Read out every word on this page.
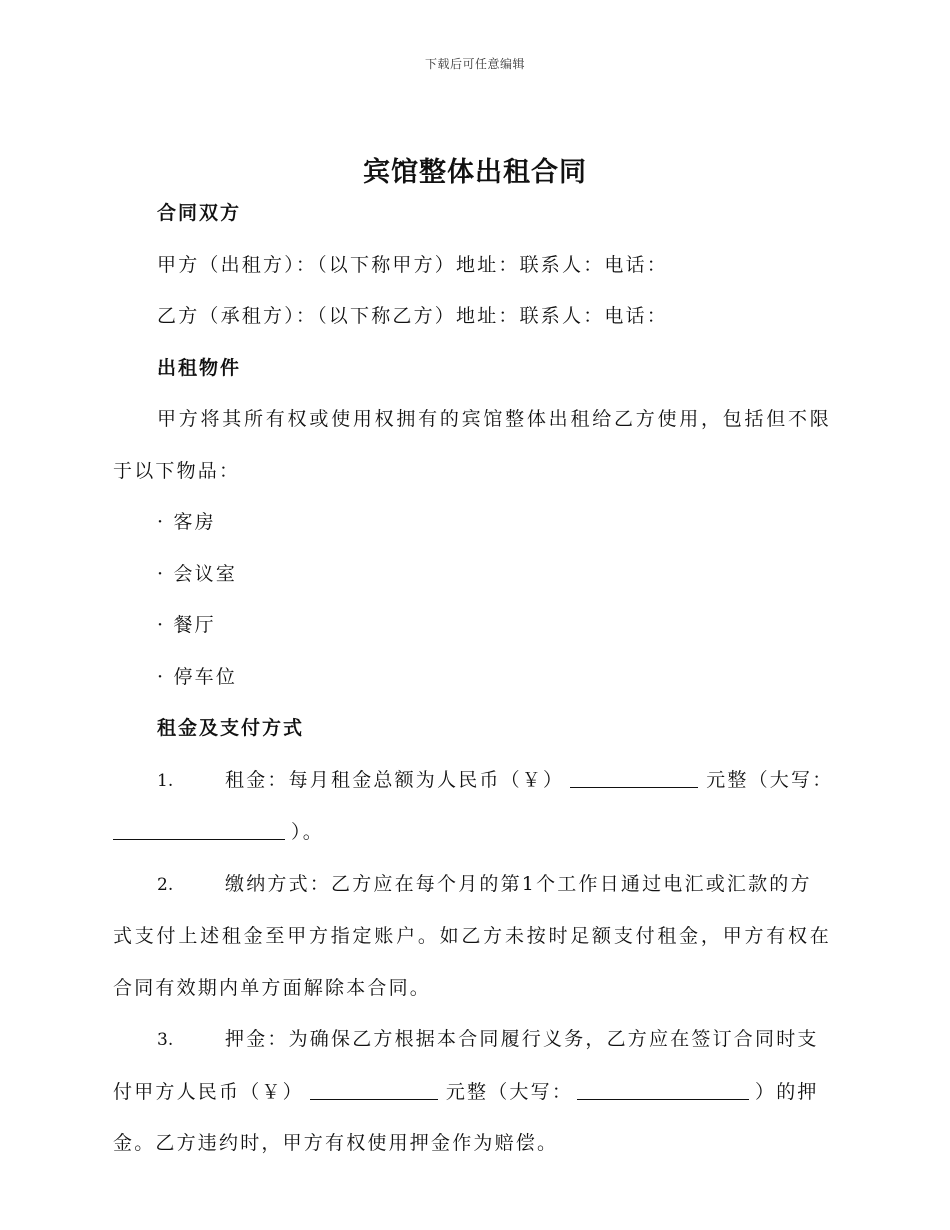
下载后可任意编辑
宾馆整体出租合同
合同双方
甲方（出租方）：（以下称甲方）地址：联系人：电话：
乙方（承租方）：（以下称乙方）地址：联系人：电话：
出租物件
甲方将其所有权或使用权拥有的宾馆整体出租给乙方使用，包括但不限
于以下物品：
· 客房
· 会议室
· 餐厅
· 停车位
租金及支付方式
1.	租金：每月租金总额为人民币（￥）	元整（大写：
）。
2.	缴纳方式：乙方应在每个月的第1个工作日通过电汇或汇款的方
式支付上述租金至甲方指定账户。如乙方未按时足额支付租金，甲方有权在
合同有效期内单方面解除本合同。
3.	押金：为确保乙方根据本合同履行义务，乙方应在签订合同时支
付甲方人民币（￥）	元整（大写：	）的押
金。乙方违约时，甲方有权使用押金作为赔偿。
